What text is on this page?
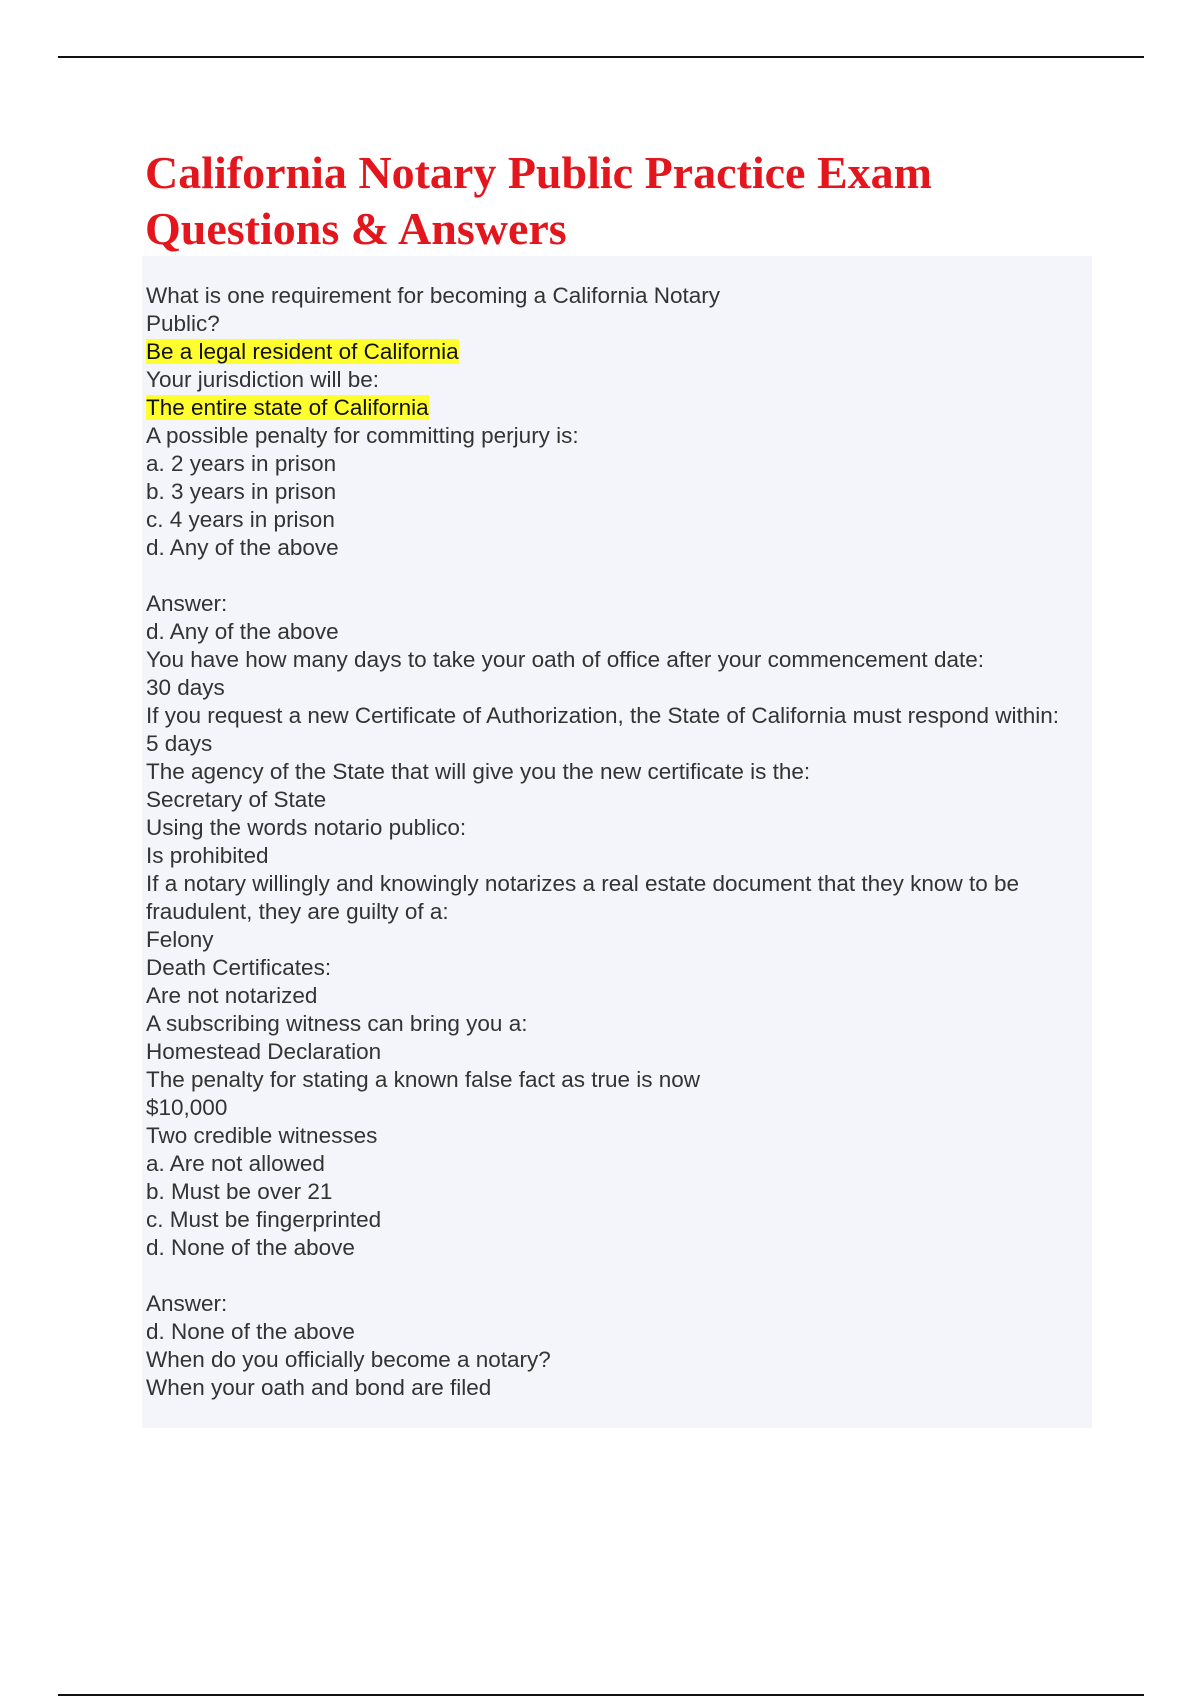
California Notary Public Practice Exam Questions & Answers
What is one requirement for becoming a California Notary
Public?
Be a legal resident of California
Your jurisdiction will be:
The entire state of California
A possible penalty for committing perjury is:
a. 2 years in prison
b. 3 years in prison
c. 4 years in prison
d. Any of the above
Answer:
d. Any of the above
You have how many days to take your oath of office after your commencement date:
30 days
If you request a new Certificate of Authorization, the State of California must respond within:
5 days
The agency of the State that will give you the new certificate is the:
Secretary of State
Using the words notario publico:
Is prohibited
If a notary willingly and knowingly notarizes a real estate document that they know to be fraudulent, they are guilty of a:
Felony
Death Certificates:
Are not notarized
A subscribing witness can bring you a:
Homestead Declaration
The penalty for stating a known false fact as true is now
$10,000
Two credible witnesses
a. Are not allowed
b. Must be over 21
c. Must be fingerprinted
d. None of the above
Answer:
d. None of the above
When do you officially become a notary?
When your oath and bond are filed
